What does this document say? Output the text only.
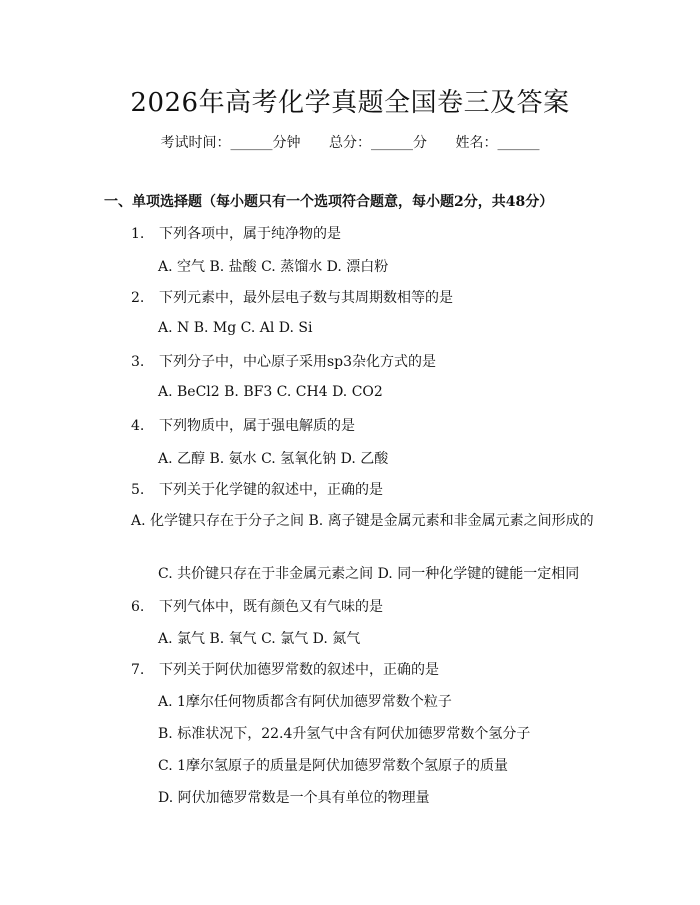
2026年高考化学真题全国卷三及答案
考试时间：______分钟 总分：______分 姓名：______
一、单项选择题（每小题只有一个选项符合题意，每小题2分，共48分）
1. 下列各项中，属于纯净物的是
A. 空气 B. 盐酸 C. 蒸馏水 D. 漂白粉
2. 下列元素中，最外层电子数与其周期数相等的是
A. N B. Mg C. Al D. Si
3. 下列分子中，中心原子采用sp3杂化方式的是
A. BeCl2 B. BF3 C. CH4 D. CO2
4. 下列物质中，属于强电解质的是
A. 乙醇 B. 氨水 C. 氢氧化钠 D. 乙酸
5. 下列关于化学键的叙述中，正确的是
A. 化学键只存在于分子之间 B. 离子键是金属元素和非金属元素之间形成的
C. 共价键只存在于非金属元素之间 D. 同一种化学键的键能一定相同
6. 下列气体中，既有颜色又有气味的是
A. 氯气 B. 氧气 C. 氯气 D. 氮气
7. 下列关于阿伏加德罗常数的叙述中，正确的是
A. 1摩尔任何物质都含有阿伏加德罗常数个粒子
B. 标准状况下，22.4升氢气中含有阿伏加德罗常数个氢分子
C. 1摩尔氢原子的质量是阿伏加德罗常数个氢原子的质量
D. 阿伏加德罗常数是一个具有单位的物理量
